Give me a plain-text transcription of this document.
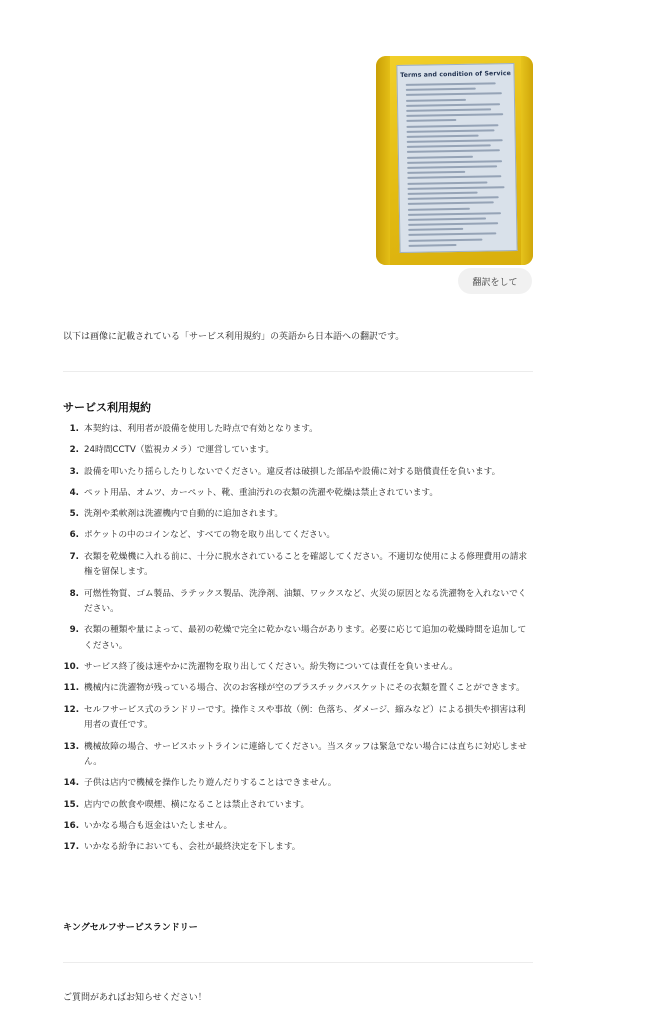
Terms and condition of Service
翻訳をして

以下は画像に記載されている「サービス利用規約」の英語から日本語への翻訳です。

サービス利用規約
1. 本契約は、利用者が設備を使用した時点で有効となります。
2. 24時間CCTV（監視カメラ）で運営しています。
3. 設備を叩いたり揺らしたりしないでください。違反者は破損した部品や設備に対する賠償責任を負います。
4. ペット用品、オムツ、カーペット、靴、重油汚れの衣類の洗濯や乾燥は禁止されています。
5. 洗剤や柔軟剤は洗濯機内で自動的に追加されます。
6. ポケットの中のコインなど、すべての物を取り出してください。
7. 衣類を乾燥機に入れる前に、十分に脱水されていることを確認してください。不適切な使用による修理費用の請求権を留保します。
8. 可燃性物質、ゴム製品、ラテックス製品、洗浄剤、油類、ワックスなど、火災の原因となる洗濯物を入れないでください。
9. 衣類の種類や量によって、最初の乾燥で完全に乾かない場合があります。必要に応じて追加の乾燥時間を追加してください。
10. サービス終了後は速やかに洗濯物を取り出してください。紛失物については責任を負いません。
11. 機械内に洗濯物が残っている場合、次のお客様が空のプラスチックバスケットにその衣類を置くことができます。
12. セルフサービス式のランドリーです。操作ミスや事故（例：色落ち、ダメージ、縮みなど）による損失や損害は利用者の責任です。
13. 機械故障の場合、サービスホットラインに連絡してください。当スタッフは緊急でない場合には直ちに対応しません。
14. 子供は店内で機械を操作したり遊んだりすることはできません。
15. 店内での飲食や喫煙、横になることは禁止されています。
16. いかなる場合も返金はいたしません。
17. いかなる紛争においても、会社が最終決定を下します。
キングセルフサービスランドリー
ご質問があればお知らせください！
